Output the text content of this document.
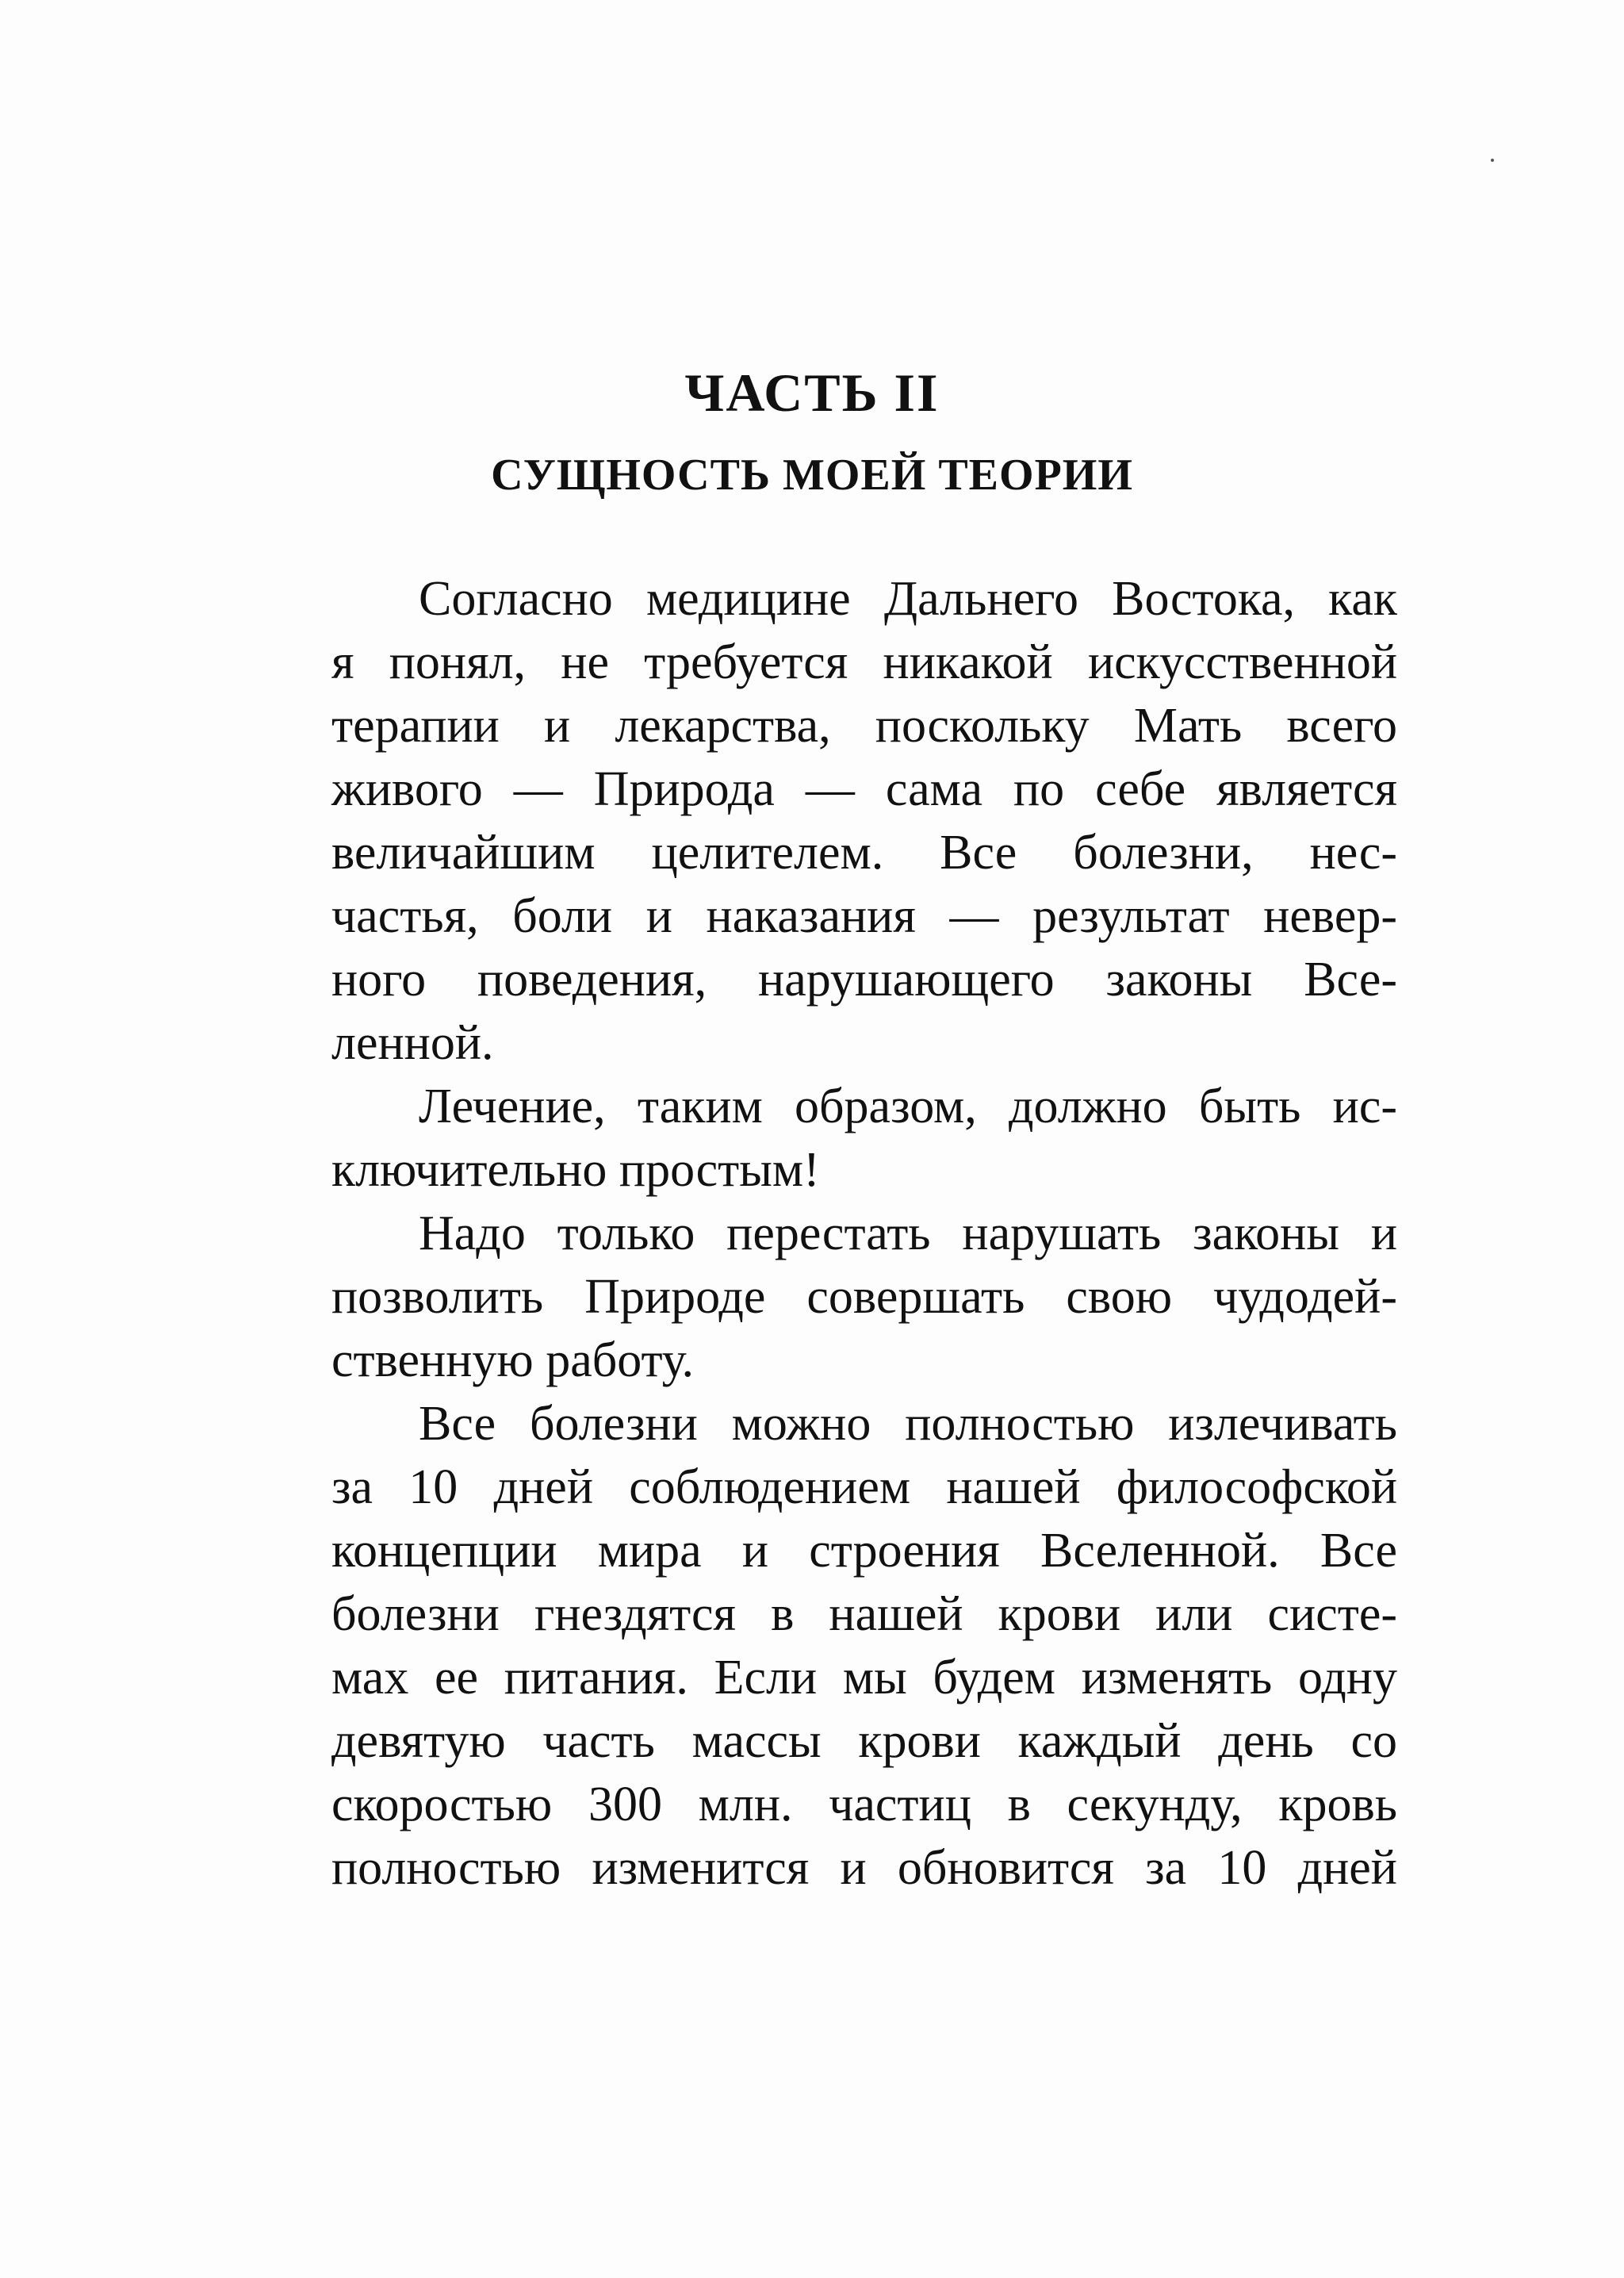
ЧАСТЬ II
СУЩНОСТЬ МОЕЙ ТЕОРИИ
Согласно медицине Дальнего Востока, как
я понял, не требуется никакой искусственной
терапии и лекарства, поскольку Мать всего
живого — Природа — сама по себе является
величайшим целителем. Все болезни, нес-
частья, боли и наказания — результат невер-
ного поведения, нарушающего законы Все-
ленной.
Лечение, таким образом, должно быть ис-
ключительно простым!
Надо только перестать нарушать законы и
позволить Природе совершать свою чудодей-
ственную работу.
Все болезни можно полностью излечивать
за 10 дней соблюдением нашей философской
концепции мира и строения Вселенной. Все
болезни гнездятся в нашей крови или систе-
мах ее питания. Если мы будем изменять одну
девятую часть массы крови каждый день со
скоростью 300 млн. частиц в секунду, кровь
полностью изменится и обновится за 10 дней
